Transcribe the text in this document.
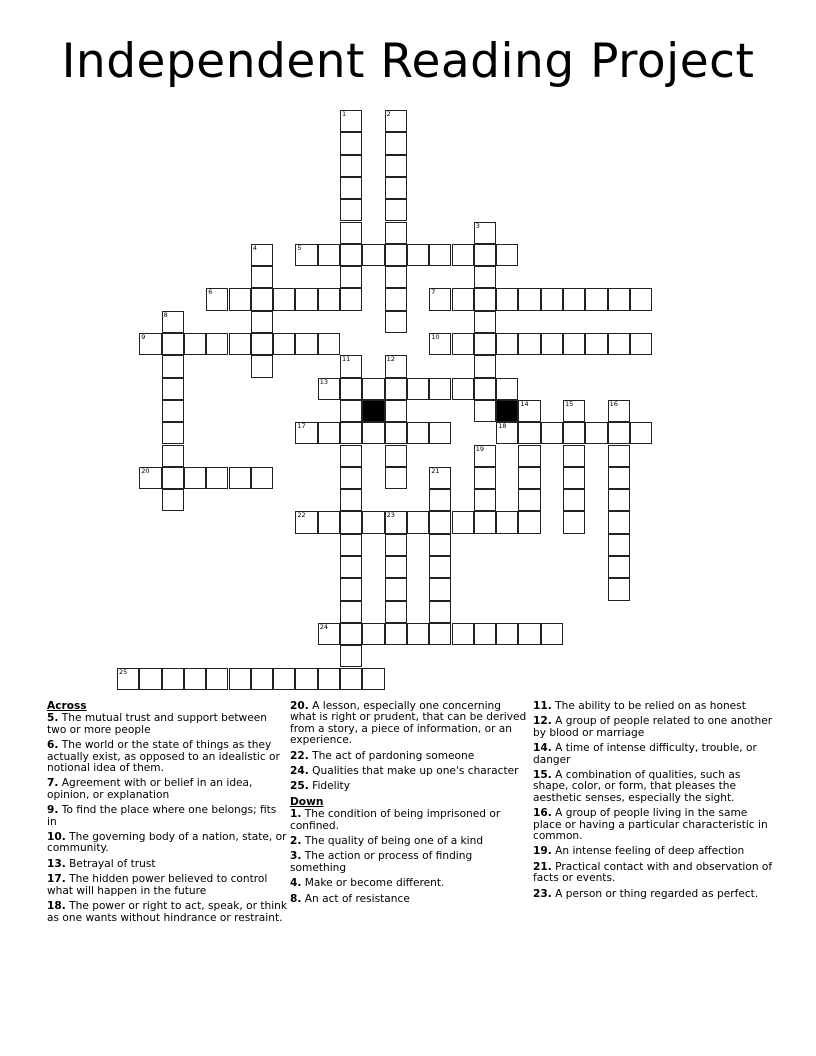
Independent Reading Project
5
6	7
9	10
13
17	18
20
22	23
24
25
1	2
3
4
8
11	12
14	15	16
19
21
Across
5. The mutual trust and support between two or more people
6. The world or the state of things as they actually exist, as opposed to an idealistic or notional idea of them.
7. Agreement with or belief in an idea, opinion, or explanation
9. To find the place where one belongs; fits in
10. The governing body of a nation, state, or community.
13. Betrayal of trust
17. The hidden power believed to control what will happen in the future
18. The power or right to act, speak, or think as one wants without hindrance or restraint.
20. A lesson, especially one concerning what is right or prudent, that can be derived from a story, a piece of information, or an experience.
22. The act of pardoning someone
24. Qualities that make up one's character
25. Fidelity
Down
1. The condition of being imprisoned or confined.
2. The quality of being one of a kind
3. The action or process of finding something
4. Make or become different.
8. An act of resistance
11. The ability to be relied on as honest
12. A group of people related to one another by blood or marriage
14. A time of intense difficulty, trouble, or danger
15. A combination of qualities, such as shape, color, or form, that pleases the aesthetic senses, especially the sight.
16. A group of people living in the same place or having a particular characteristic in common.
19. An intense feeling of deep affection
21. Practical contact with and observation of facts or events.
23. A person or thing regarded as perfect.
